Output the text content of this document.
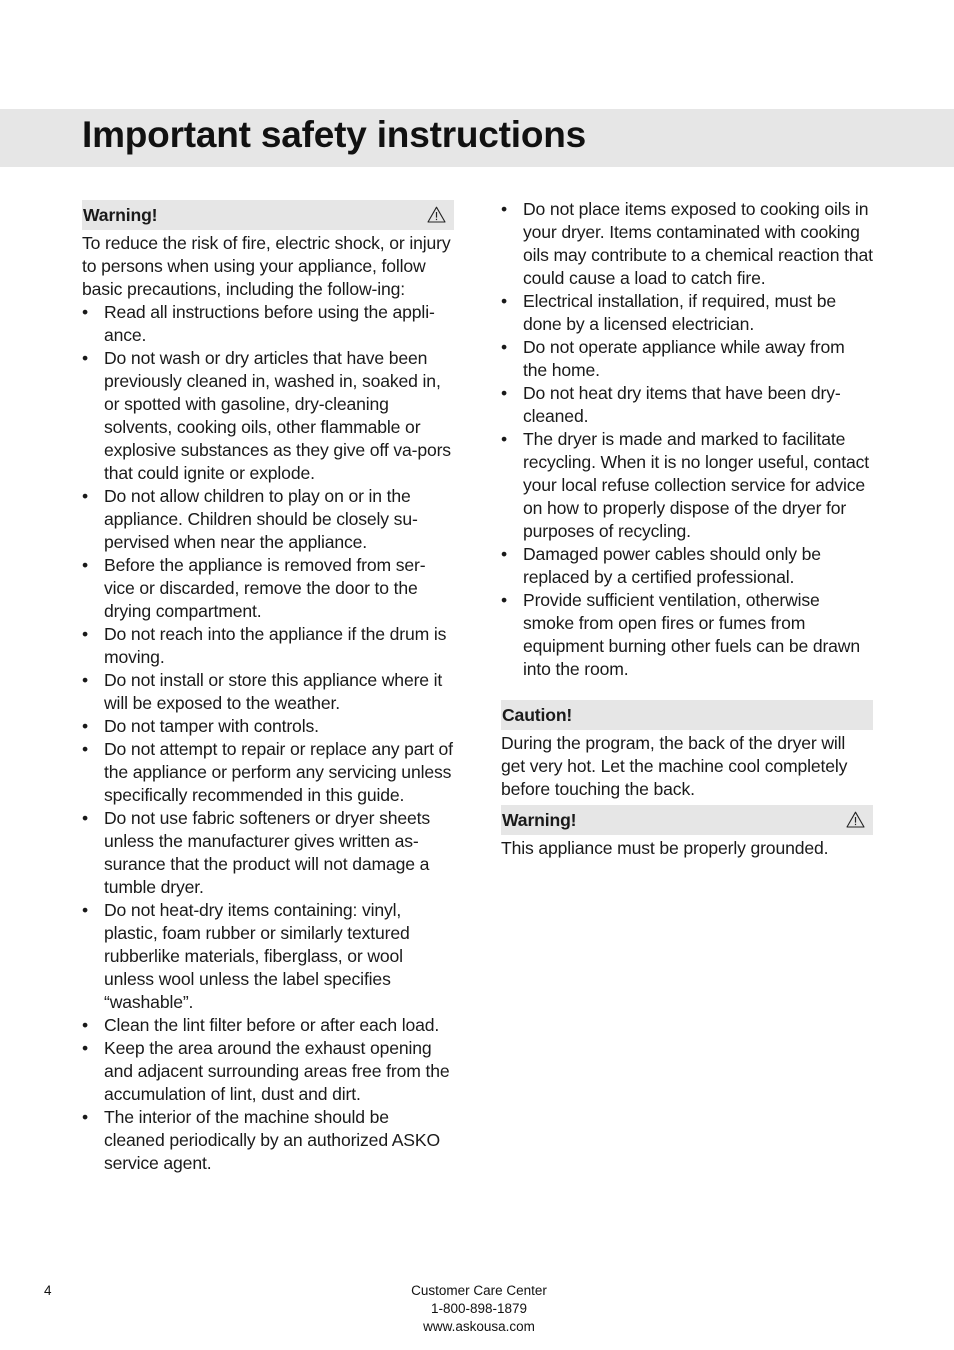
Important safety instructions
Warning!

To reduce the risk of fire, electric shock, or injury to persons when using your appliance, follow basic precautions, including the follow-ing:

• Read all instructions before using the appli-ance.
• Do not wash or dry articles that have been previously cleaned in, washed in, soaked in, or spotted with gasoline, dry-cleaning solvents, cooking oils, other flammable or explosive substances as they give off va-pors that could ignite or explode.
• Do not allow children to play on or in the appliance. Children should be closely su-pervised when near the appliance.
• Before the appliance is removed from ser-vice or discarded, remove the door to the drying compartment.
• Do not reach into the appliance if the drum is moving.
• Do not install or store this appliance where it will be exposed to the weather.
• Do not tamper with controls.
• Do not attempt to repair or replace any part of the appliance or perform any servicing unless specifically recommended in this guide.
• Do not use fabric softeners or dryer sheets unless the manufacturer gives written as-surance that the product will not damage a tumble dryer.
• Do not heat-dry items containing: vinyl, plastic, foam rubber or similarly textured rubberlike materials, fiberglass, or wool unless wool unless the label specifies “washable”.
• Clean the lint filter before or after each load.
• Keep the area around the exhaust opening and adjacent surrounding areas free from the accumulation of lint, dust and dirt.
• The interior of the machine should be cleaned periodically by an authorized ASKO service agent.
• Do not place items exposed to cooking oils in your dryer. Items contaminated with cooking oils may contribute to a chemical reaction that could cause a load to catch fire.
• Electrical installation, if required, must be done by a licensed electrician.
• Do not operate appliance while away from the home.
• Do not heat dry items that have been dry-cleaned.
• The dryer is made and marked to facilitate recycling. When it is no longer useful, contact your local refuse collection service for advice on how to properly dispose of the dryer for purposes of recycling.
• Damaged power cables should only be replaced by a certified professional.
• Provide sufficient ventilation, otherwise smoke from open fires or fumes from equipment burning other fuels can be drawn into the room.
Caution!

During the program, the back of the dryer will get very hot. Let the machine cool completely before touching the back.

Warning!

This appliance must be properly grounded.

4	Customer Care Center
1-800-898-1879
www.askousa.com
